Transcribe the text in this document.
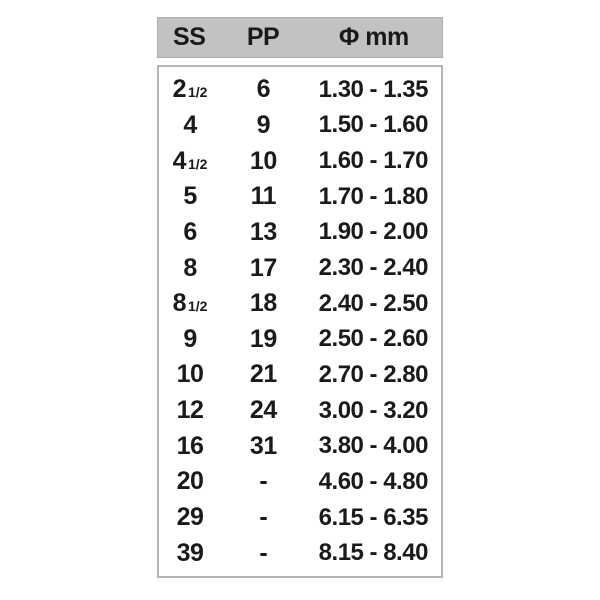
SS	PP	Φ mm
2 1/2	6	1.30 - 1.35
4	9	1.50 - 1.60
4 1/2	10	1.60 - 1.70
5	11	1.70 - 1.80
6	13	1.90 - 2.00
8	17	2.30 - 2.40
8 1/2	18	2.40 - 2.50
9	19	2.50 - 2.60
10	21	2.70 - 2.80
12	24	3.00 - 3.20
16	31	3.80 - 4.00
20	-	4.60 - 4.80
29	-	6.15 - 6.35
39	-	8.15 - 8.40
